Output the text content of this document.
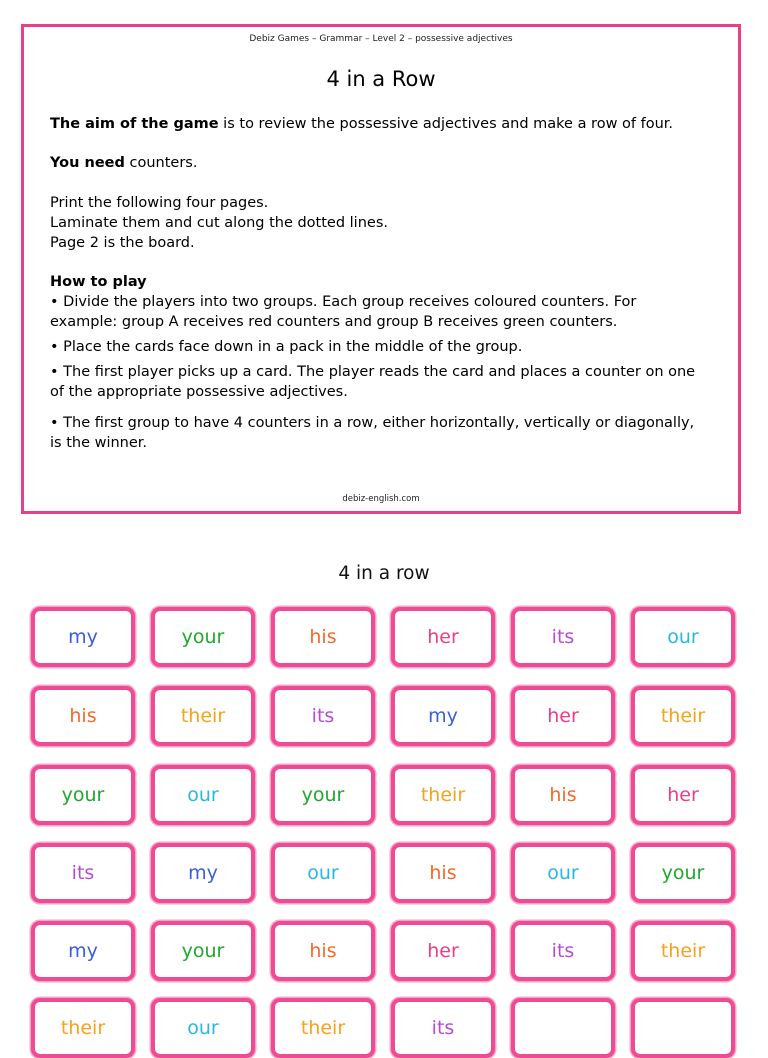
Debiz Games – Grammar – Level 2 – possessive adjectives
4 in a Row
The aim of the game is to review the possessive adjectives and make a row of four.
You need counters.
Print the following four pages.
Laminate them and cut along the dotted lines.
Page 2 is the board.
How to play
• Divide the players into two groups. Each group receives coloured counters. For example: group A receives red counters and group B receives green counters.
• Place the cards face down in a pack in the middle of the group.
• The first player picks up a card. The player reads the card and places a counter on one of the appropriate possessive adjectives.
• The first group to have 4 counters in a row, either horizontally, vertically or diagonally, is the winner.
debiz-english.com
4 in a row
my	your	his	her	its	our
his	their	its	my	her	their
your	our	your	their	his	her
its	my	our	his	our	your
my	your	his	her	its	their
their	our	their	its
